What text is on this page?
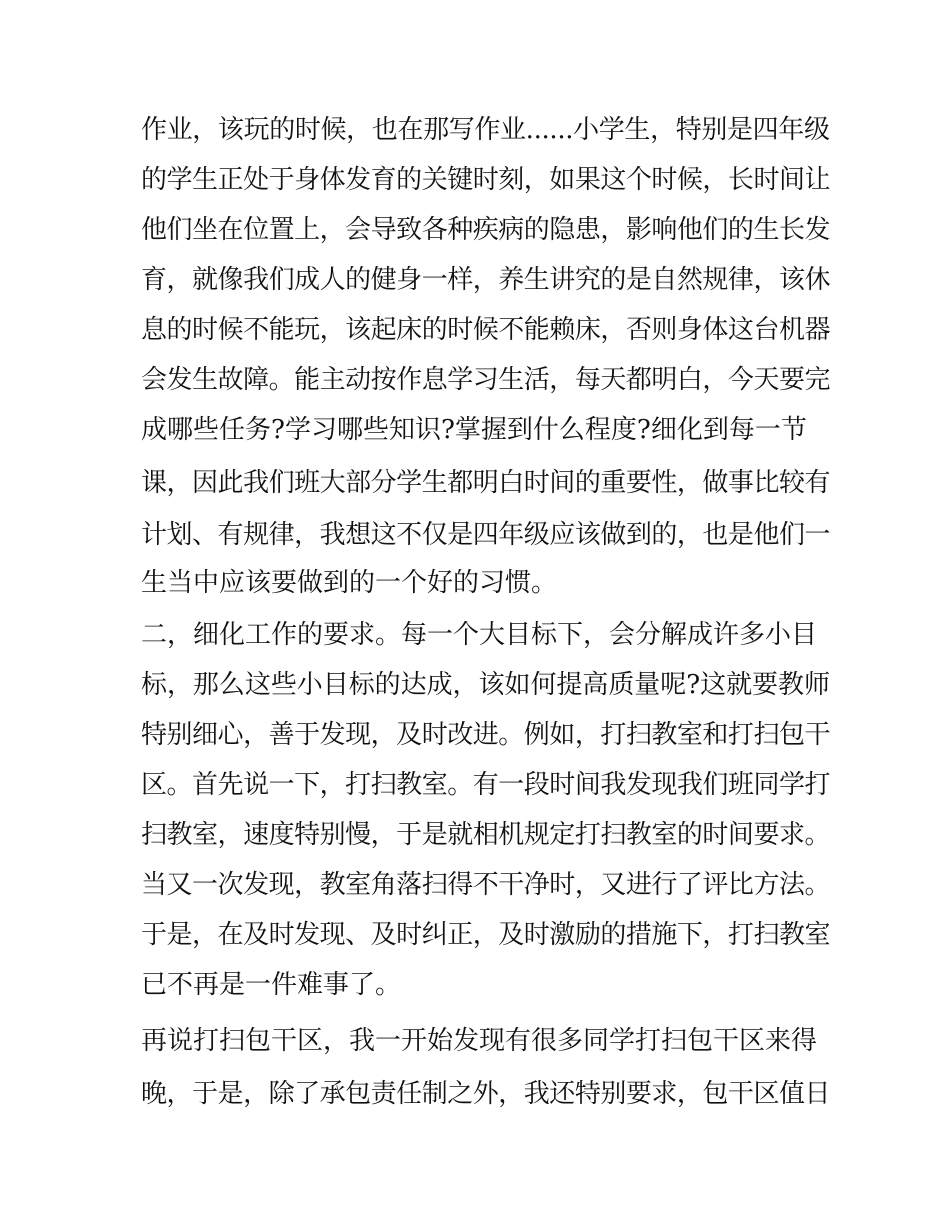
作业，该玩的时候，也在那写作业......小学生，特别是四年级

的学生正处于身体发育的关键时刻，如果这个时候，长时间让

他们坐在位置上，会导致各种疾病的隐患，影响他们的生长发

育，就像我们成人的健身一样，养生讲究的是自然规律，该休

息的时候不能玩，该起床的时候不能赖床，否则身体这台机器

会发生故障。能主动按作息学习生活，每天都明白，今天要完

成哪些任务?学习哪些知识?掌握到什么程度?细化到每一节

课，因此我们班大部分学生都明白时间的重要性，做事比较有

计划、有规律，我想这不仅是四年级应该做到的，也是他们一

生当中应该要做到的一个好的习惯。

二，细化工作的要求。每一个大目标下，会分解成许多小目

标，那么这些小目标的达成，该如何提高质量呢?这就要教师

特别细心，善于发现，及时改进。例如，打扫教室和打扫包干

区。首先说一下，打扫教室。有一段时间我发现我们班同学打

扫教室，速度特别慢，于是就相机规定打扫教室的时间要求。

当又一次发现，教室角落扫得不干净时，又进行了评比方法。

于是，在及时发现、及时纠正，及时激励的措施下，打扫教室

已不再是一件难事了。

再说打扫包干区，我一开始发现有很多同学打扫包干区来得

晚，于是，除了承包责任制之外，我还特别要求，包干区值日
